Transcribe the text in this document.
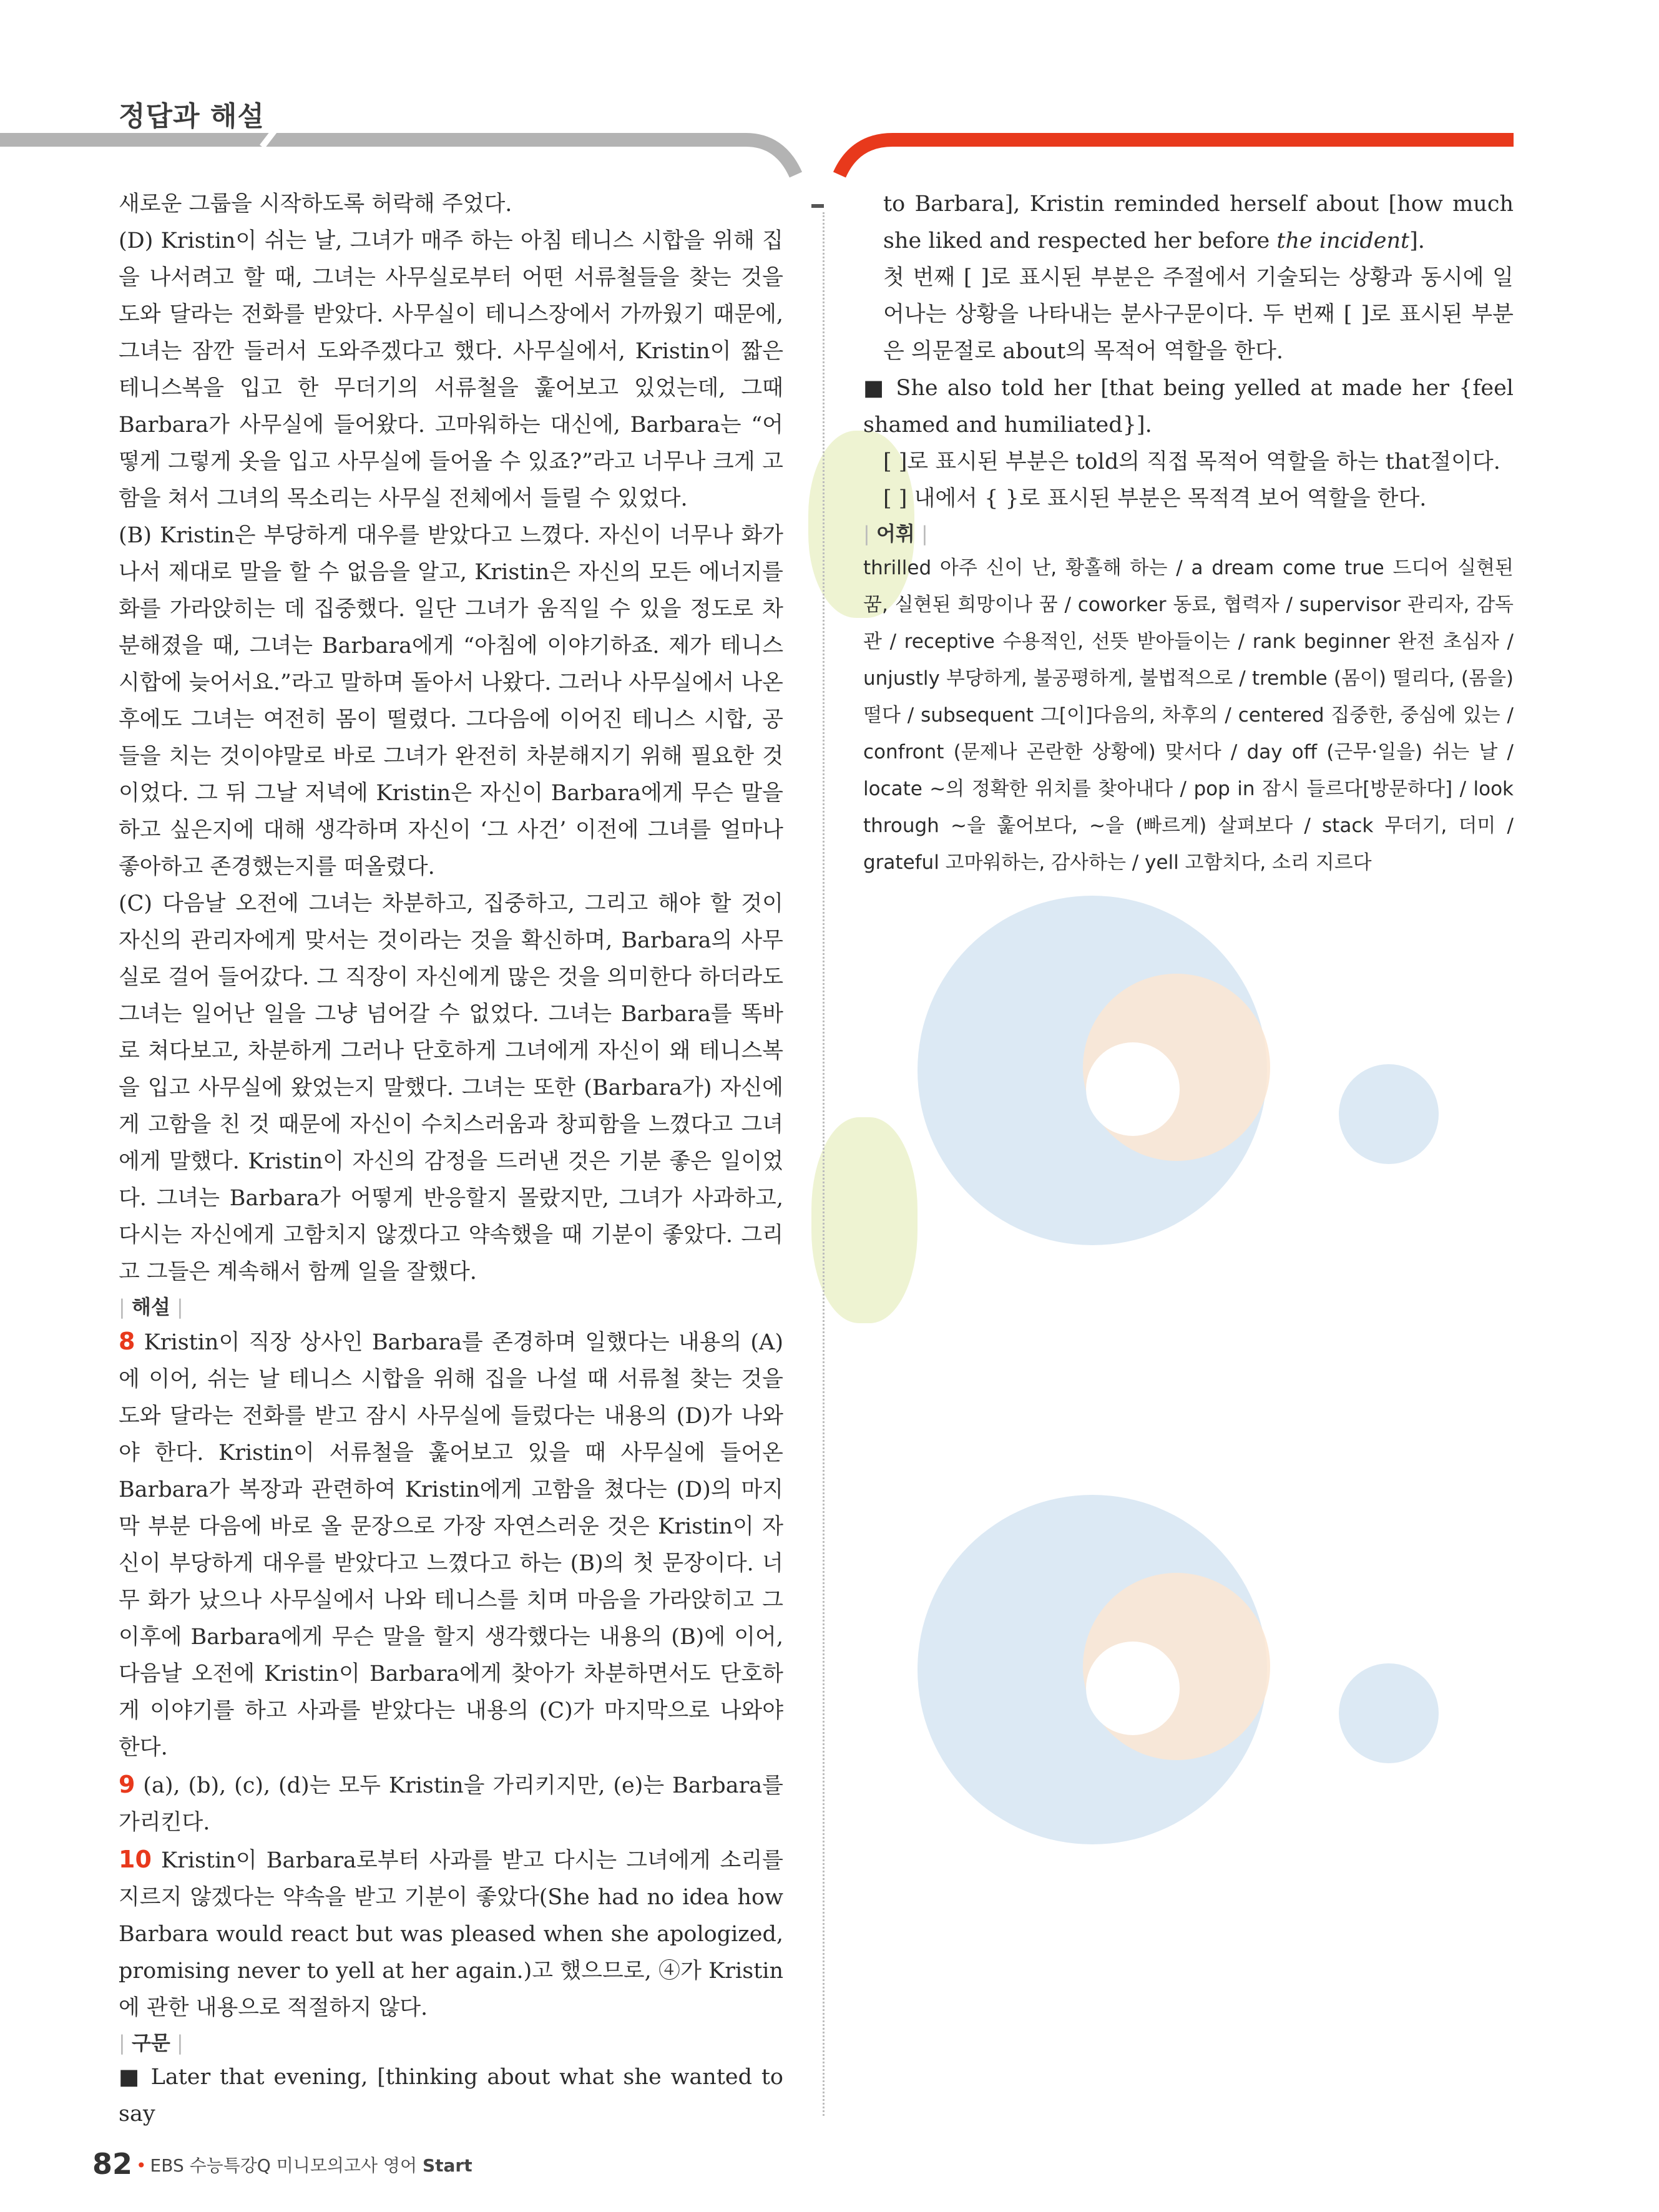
정답과 해설

새로운 그룹을 시작하도록 허락해 주었다.

(D) Kristin이 쉬는 날, 그녀가 매주 하는 아침 테니스 시합을 위해 집을 나서려고 할 때, 그녀는 사무실로부터 어떤 서류철들을 찾는 것을 도와 달라는 전화를 받았다. 사무실이 테니스장에서 가까웠기 때문에, 그녀는 잠깐 들러서 도와주겠다고 했다. 사무실에서, Kristin이 짧은 테니스복을 입고 한 무더기의 서류철을 훑어보고 있었는데, 그때 Barbara가 사무실에 들어왔다. 고마워하는 대신에, Barbara는 “어떻게 그렇게 옷을 입고 사무실에 들어올 수 있죠?”라고 너무나 크게 고함을 쳐서 그녀의 목소리는 사무실 전체에서 들릴 수 있었다.

(B) Kristin은 부당하게 대우를 받았다고 느꼈다. 자신이 너무나 화가 나서 제대로 말을 할 수 없음을 알고, Kristin은 자신의 모든 에너지를 화를 가라앉히는 데 집중했다. 일단 그녀가 움직일 수 있을 정도로 차분해졌을 때, 그녀는 Barbara에게 “아침에 이야기하죠. 제가 테니스 시합에 늦어서요.”라고 말하며 돌아서 나왔다. 그러나 사무실에서 나온 후에도 그녀는 여전히 몸이 떨렸다. 그다음에 이어진 테니스 시합, 공들을 치는 것이야말로 바로 그녀가 완전히 차분해지기 위해 필요한 것이었다. 그 뒤 그날 저녁에 Kristin은 자신이 Barbara에게 무슨 말을 하고 싶은지에 대해 생각하며 자신이 ‘그 사건’ 이전에 그녀를 얼마나 좋아하고 존경했는지를 떠올렸다.

(C) 다음날 오전에 그녀는 차분하고, 집중하고, 그리고 해야 할 것이 자신의 관리자에게 맞서는 것이라는 것을 확신하며, Barbara의 사무실로 걸어 들어갔다. 그 직장이 자신에게 많은 것을 의미한다 하더라도 그녀는 일어난 일을 그냥 넘어갈 수 없었다. 그녀는 Barbara를 똑바로 쳐다보고, 차분하게 그러나 단호하게 그녀에게 자신이 왜 테니스복을 입고 사무실에 왔었는지 말했다. 그녀는 또한 (Barbara가) 자신에게 고함을 친 것 때문에 자신이 수치스러움과 창피함을 느꼈다고 그녀에게 말했다. Kristin이 자신의 감정을 드러낸 것은 기분 좋은 일이었다. 그녀는 Barbara가 어떻게 반응할지 몰랐지만, 그녀가 사과하고, 다시는 자신에게 고함치지 않겠다고 약속했을 때 기분이 좋았다. 그리고 그들은 계속해서 함께 일을 잘했다.

| 해설 |

8 Kristin이 직장 상사인 Barbara를 존경하며 일했다는 내용의 (A)에 이어, 쉬는 날 테니스 시합을 위해 집을 나설 때 서류철 찾는 것을 도와 달라는 전화를 받고 잠시 사무실에 들렀다는 내용의 (D)가 나와야 한다. Kristin이 서류철을 훑어보고 있을 때 사무실에 들어온 Barbara가 복장과 관련하여 Kristin에게 고함을 쳤다는 (D)의 마지막 부분 다음에 바로 올 문장으로 가장 자연스러운 것은 Kristin이 자신이 부당하게 대우를 받았다고 느꼈다고 하는 (B)의 첫 문장이다. 너무 화가 났으나 사무실에서 나와 테니스를 치며 마음을 가라앉히고 그 이후에 Barbara에게 무슨 말을 할지 생각했다는 내용의 (B)에 이어, 다음날 오전에 Kristin이 Barbara에게 찾아가 차분하면서도 단호하게 이야기를 하고 사과를 받았다는 내용의 (C)가 마지막으로 나와야 한다.

9 (a), (b), (c), (d)는 모두 Kristin을 가리키지만, (e)는 Barbara를 가리킨다.

10 Kristin이 Barbara로부터 사과를 받고 다시는 그녀에게 소리를 지르지 않겠다는 약속을 받고 기분이 좋았다(She had no idea how Barbara would react but was pleased when she apologized, promising never to yell at her again.)고 했으므로, ④가 Kristin에 관한 내용으로 적절하지 않다.

| 구문 |

■ Later that evening, [thinking about what she wanted to say

to Barbara], Kristin reminded herself about [how much she liked and respected her before the incident].

첫 번째 [ ]로 표시된 부분은 주절에서 기술되는 상황과 동시에 일어나는 상황을 나타내는 분사구문이다. 두 번째 [ ]로 표시된 부분은 의문절로 about의 목적어 역할을 한다.

■ She also told her [that being yelled at made her {feel shamed and humiliated}].

[ ]로 표시된 부분은 told의 직접 목적어 역할을 하는 that절이다.

[ ] 내에서 { }로 표시된 부분은 목적격 보어 역할을 한다.

| 어휘 |

thrilled 아주 신이 난, 황홀해 하는 / a dream come true 드디어 실현된 꿈, 실현된 희망이나 꿈 / coworker 동료, 협력자 / supervisor 관리자, 감독관 / receptive 수용적인, 선뜻 받아들이는 / rank beginner 완전 초심자 / unjustly 부당하게, 불공평하게, 불법적으로 / tremble (몸이) 떨리다, (몸을) 떨다 / subsequent 그[이]다음의, 차후의 / centered 집중한, 중심에 있는 / confront (문제나 곤란한 상황에) 맞서다 / day off (근무·일을) 쉬는 날 / locate ~의 정확한 위치를 찾아내다 / pop in 잠시 들르다[방문하다] / look through ~을 훑어보다, ~을 (빠르게) 살펴보다 / stack 무더기, 더미 / grateful 고마워하는, 감사하는 / yell 고함치다, 소리 지르다

82 • EBS 수능특강Q 미니모의고사 영어 Start
